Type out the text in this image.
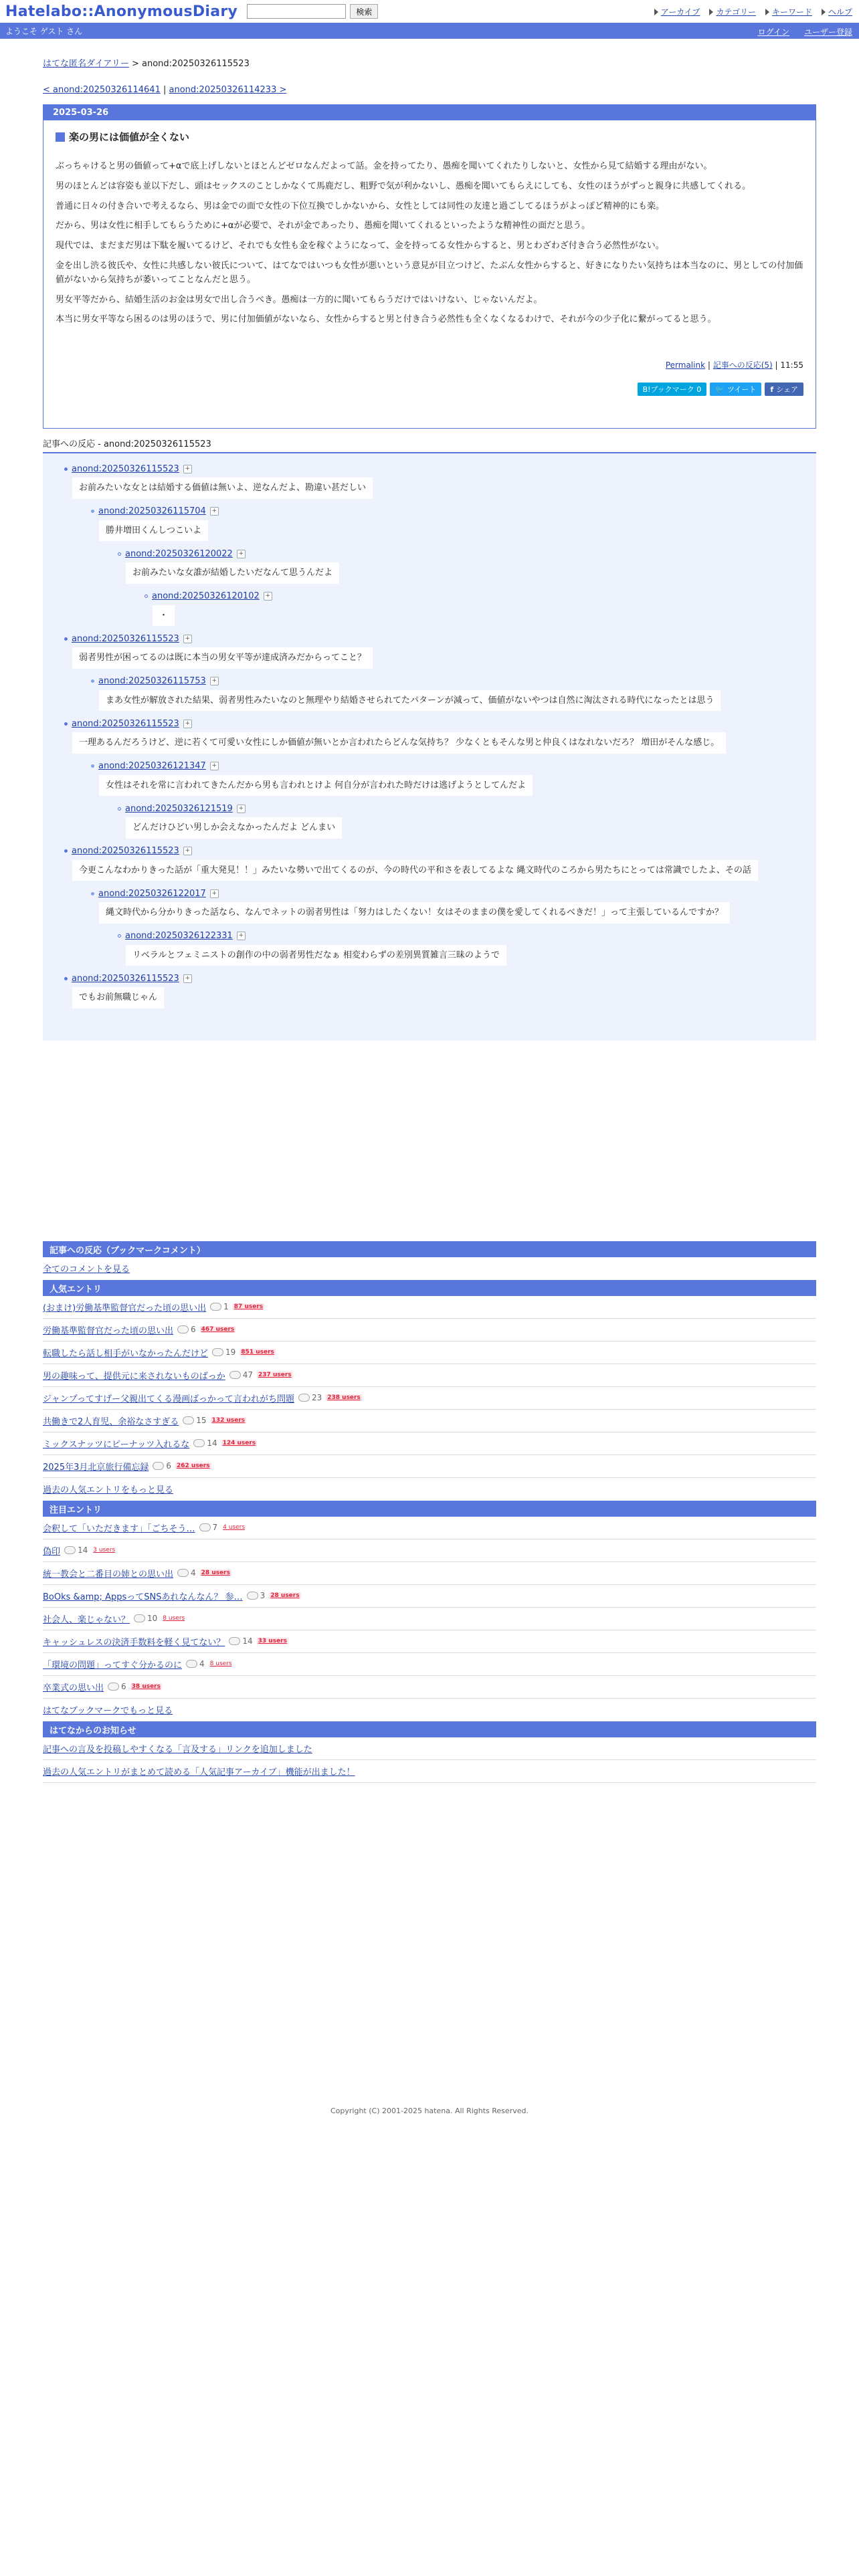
Hatelabo::AnonymousDiary	検索	アーカイブ カテゴリー キーワード ヘルプ
ようこそ ゲスト さん	ログイン ユーザー登録
はてな匿名ダイアリー > anond:20250326115523
< anond:20250326114641 | anond:20250326114233 >
2025-03-26
楽の男には価値が全くない

ぶっちゃけると男の価値って+αで底上げしないとほとんどゼロなんだよって話。金を持ってたり、愚痴を聞いてくれたりしないと、女性から見て結婚する理由がない。

男のほとんどは容姿も並以下だし、頭はセックスのことしかなくて馬鹿だし、粗野で気が利かないし、愚痴を聞いてもらえにしても、女性のほうがずっと親身に共感してくれる。

普通に日々の付き合いで考えるなら、男は金での面で女性の下位互換でしかないから、女性としては同性の友達と過ごしてるほうがよっぽど精神的にも楽。

だから、男は女性に相手してもらうために+αが必要で、それが金であったり、愚痴を聞いてくれるといったような精神性の面だと思う。

現代では、まだまだ男は下駄を履いてるけど、それでも女性も金を稼ぐようになって、金を持ってる女性からすると、男とわざわざ付き合う必然性がない。

金を出し渋る彼氏や、女性に共感しない彼氏について、はてなではいつも女性が悪いという意見が目立つけど、たぶん女性からすると、好きになりたい気持ちは本当なのに、男としての付加価値がないから気持ちが萎いってことなんだと思う。

男女平等だから、結婚生活のお金は男女で出し合うべき。愚痴は一方的に聞いてもらうだけではいけない、じゃないんだよ。

本当に男女平等なら困るのは男のほうで、男に付加価値がないなら、女性からすると男と付き合う必然性も全くなくなるわけで、それが今の少子化に繋がってると思う。

Permalink | 記事への反応(5) | 11:55
B!ブックマーク 0	🐦 ツイート f シェア
記事への反応 - anond:20250326115523
anond:20250326115523 +
お前みたいな女とは結婚する価値は無いよ、逆なんだよ、勘違い甚だしい
anond:20250326115704 +
勝井増田くんしつこいよ
anond:20250326120022 +
お前みたいな女誰が結婚したいだなんて思うんだよ
anond:20250326120102 +
・
anond:20250326115523 +
弱者男性が困ってるのは既に本当の男女平等が達成済みだからってこと？
anond:20250326115753 +
まあ女性が解放された結果、弱者男性みたいなのと無理やり結婚させられてたパターンが減って、価値がないやつは自然に淘汰される時代になったとは思う
anond:20250326115523 +
一理あるんだろうけど、逆に若くて可愛い女性にしか価値が無いとか言われたらどんな気持ち？ 少なくともそんな男と仲良くはなれないだろ？ 増田がそんな感じ。
anond:20250326121347 +
女性はそれを常に言われてきたんだから男も言われとけよ 何自分が言われた時だけは逃げようとしてんだよ
anond:20250326121519 +
どんだけひどい男しか会えなかったんだよ どんまい
anond:20250326115523 +
今更こんなわかりきった話が「重大発見！！」みたいな勢いで出てくるのが、今の時代の平和さを表してるよな 縄文時代のころから男たちにとっては常識でしたよ、その話
anond:20250326122017 +
縄文時代から分かりきった話なら、なんでネットの弱者男性は「努力はしたくない！女はそのままの僕を愛してくれるべきだ！」って主張しているんですか？
anond:20250326122331 +
リベラルとフェミニストの創作の中の弱者男性だなぁ 相変わらずの差別異質雑言三昧のようで
anond:20250326115523 +
でもお前無職じゃん
記事への反応（ブックマークコメント）
全てのコメントを見る
人気エントリ
(おまけ)労働基準監督官だった頃の思い出 1 87 users
労働基準監督官だった頃の思い出 6 467 users
転職したら話し相手がいなかったんだけど 19 851 users
男の趣味って、提供元に来されないものばっか 47 237 users
ジャンプってすげー父親出てくる漫画ばっかって言われがち問題 23 238 users
共働きで2人育児、余裕なさすぎる 15 132 users
ミックスナッツにピーナッツ入れるな 14 124 users
2025年3月北京旅行備忘録 6 262 users
過去の人気エントリをもっと見る
注目エントリ
会釈して「いただきます」「ごちそう… 7 4 users
偽印 14 3 users
統一教会と二番目の姉との思い出 4 28 users
BoOks &amp; AppsってSNSあれなんなん？ 参… 3 28 users
社会人、楽じゃない？ 10 8 users
キャッシュレスの決済手数料を軽く見てない？ 14 33 users
「環境の問題」ってすぐ分かるのに 4 8 users
卒業式の思い出 6 38 users
はてなブックマークでもっと見る
はてなからのお知らせ
記事への言及を投稿しやすくなる「言及する」リンクを追加しました
過去の人気エントリがまとめて読める「人気記事アーカイブ」機能が出ました！
Copyright (C) 2001-2025 hatena. All Rights Reserved.
